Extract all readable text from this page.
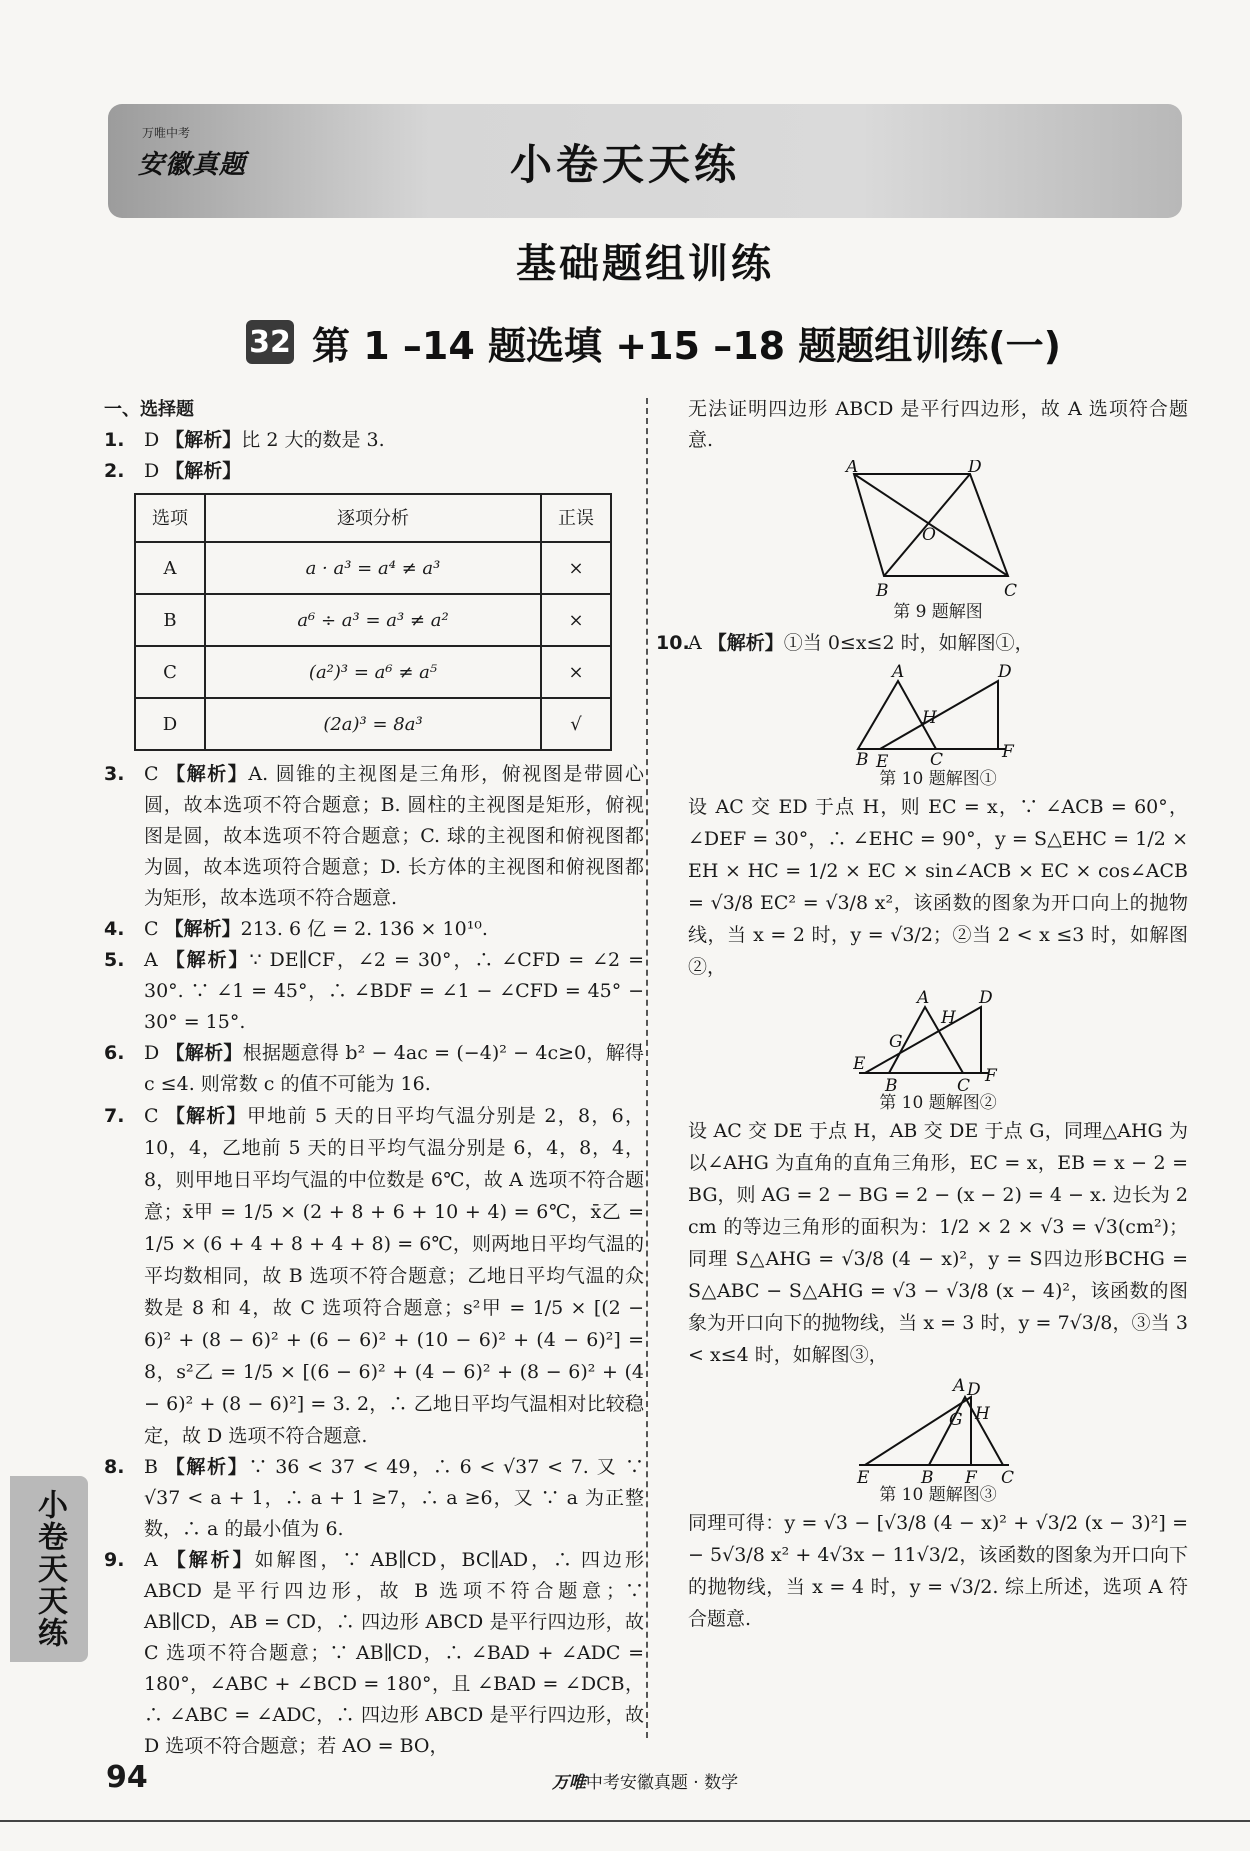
万唯中考
安徽真题	小卷天天练
基础题组训练
32 第 1 –14 题选填 +15 –18 题题组训练(一)
一、选择题
1. D 【解析】比 2 大的数是 3.
2. D 【解析】
选项	逐项分析	正误
A	a · a³ = a⁴ ≠ a³	×
B	a⁶ ÷ a³ = a³ ≠ a²	×
C	(a²)³ = a⁶ ≠ a⁵	×
D	(2a)³ = 8a³	√
3. C 【解析】A. 圆锥的主视图是三角形，俯视图是带圆心圆，故本选项不符合题意；B. 圆柱的主视图是矩形，俯视图是圆，故本选项不符合题意；C. 球的主视图和俯视图都为圆，故本选项符合题意；D. 长方体的主视图和俯视图都为矩形，故本选项不符合题意.
4. C 【解析】213. 6 亿 = 2. 136 × 10¹⁰.
5. A 【解析】∵ DE∥CF，∠2 = 30°，∴ ∠CFD = ∠2 = 30°. ∵ ∠1 = 45°，∴ ∠BDF = ∠1 − ∠CFD = 45° − 30° = 15°.
6. D 【解析】根据题意得 b² − 4ac = (−4)² − 4c≥0，解得 c ≤4. 则常数 c 的值不可能为 16.
7. C 【解析】甲地前 5 天的日平均气温分别是 2，8，6，10，4，乙地前 5 天的日平均气温分别是 6，4，8，4，8，则甲地日平均气温的中位数是 6℃，故 A 选项不符合题意；x̄甲 = 1/5 × (2 + 8 + 6 + 10 + 4) = 6℃，x̄乙 = 1/5 × (6 + 4 + 8 + 4 + 8) = 6℃，则两地日平均气温的平均数相同，故 B 选项不符合题意；乙地日平均气温的众数是 8 和 4，故 C 选项符合题意；s²甲 = 1/5 × [(2 − 6)² + (8 − 6)² + (6 − 6)² + (10 − 6)² + (4 − 6)²] = 8，s²乙 = 1/5 × [(6 − 6)² + (4 − 6)² + (8 − 6)² + (4 − 6)² + (8 − 6)²] = 3. 2，∴ 乙地日平均气温相对比较稳定，故 D 选项不符合题意.
8. B 【解析】∵ 36 < 37 < 49，∴ 6 < √37 < 7. 又 ∵ √37 < a + 1，∴ a + 1 ≥7，∴ a ≥6，又 ∵ a 为正整数，∴ a 的最小值为 6.
9. A 【解析】如解图，∵ AB∥CD，BC∥AD，∴ 四边形 ABCD 是平行四边形，故 B 选项不符合题意；∵ AB∥CD，AB = CD，∴ 四边形 ABCD 是平行四边形，故 C 选项不符合题意；∵ AB∥CD，∴ ∠BAD + ∠ADC = 180°，∠ABC + ∠BCD = 180°，且 ∠BAD = ∠DCB，∴ ∠ABC = ∠ADC，∴ 四边形 ABCD 是平行四边形，故 D 选项不符合题意；若 AO = BO，
无法证明四边形 ABCD 是平行四边形，故 A 选项符合题意.
A	D
O
B	C
第 9 题解图
10.
A 【解析】①当 0≤x≤2 时，如解图①，
A	D
H
B E C	F
第 10 题解图①
设 AC 交 ED 于点 H，则 EC = x，∵ ∠ACB = 60°，∠DEF = 30°，∴ ∠EHC = 90°，y = S△EHC = 1/2 × EH × HC = 1/2 × EC × sin∠ACB × EC × cos∠ACB = √3/8 EC² = √3/8 x²，该函数的图象为开口向上的抛物线，当 x = 2 时，y = √3/2；②当 2 < x ≤3 时，如解图②，
A	D
H
G
E
B	C F
第 10 题解图②
设 AC 交 DE 于点 H，AB 交 DE 于点 G，同理△AHG 为以∠AHG 为直角的直角三角形，EC = x，EB = x − 2 = BG，则 AG = 2 − BG = 2 − (x − 2) = 4 − x. 边长为 2 cm 的等边三角形的面积为：1/2 × 2 × √3 = √3(cm²)；同理 S△AHG = √3/8 (4 − x)²，y = S四边形BCHG = S△ABC − S△AHG = √3 − √3/8 (x − 4)²，该函数的图象为开口向下的抛物线，当 x = 3 时，y = 7√3/8，③当 3 < x≤4 时，如解图③，
A D
G H
E	B F C
第 10 题解图③
同理可得：y = √3 − [√3/8 (4 − x)² + √3/2 (x − 3)²] = − 5√3/8 x² + 4√3x − 11√3/2，该函数的图象为开口向下的抛物线，当 x = 4 时，y = √3/2. 综上所述，选项 A 符合题意.
小卷天天练
94	万唯中考安徽真题 · 数学
